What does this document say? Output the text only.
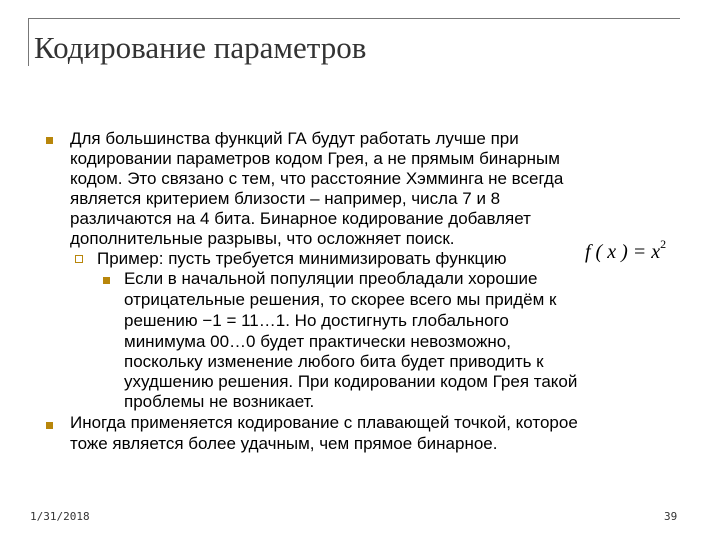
Кодирование параметров
Для большинства функций ГА будут работать лучше при
кодировании параметров кодом Грея, а не прямым бинарным
кодом. Это связано с тем, что расстояние Хэмминга не всегда
является критерием близости – например, числа 7 и 8
различаются на 4 бита. Бинарное кодирование добавляет
дополнительные разрывы, что осложняет поиск.
Пример: пусть требуется минимизировать функцию	f ( x ) = $x^2$
Если в начальной популяции преобладали хорошие
отрицательные решения, то скорее всего мы придём к
решению −1 = 11…1. Но достигнуть глобального
минимума 00…0 будет практически невозможно,
поскольку изменение любого бита будет приводить к
ухудшению решения. При кодировании кодом Грея такой
проблемы не возникает.
Иногда применяется кодирование с плавающей точкой, которое
тоже является более удачным, чем прямое бинарное.
1/31/2018	39
